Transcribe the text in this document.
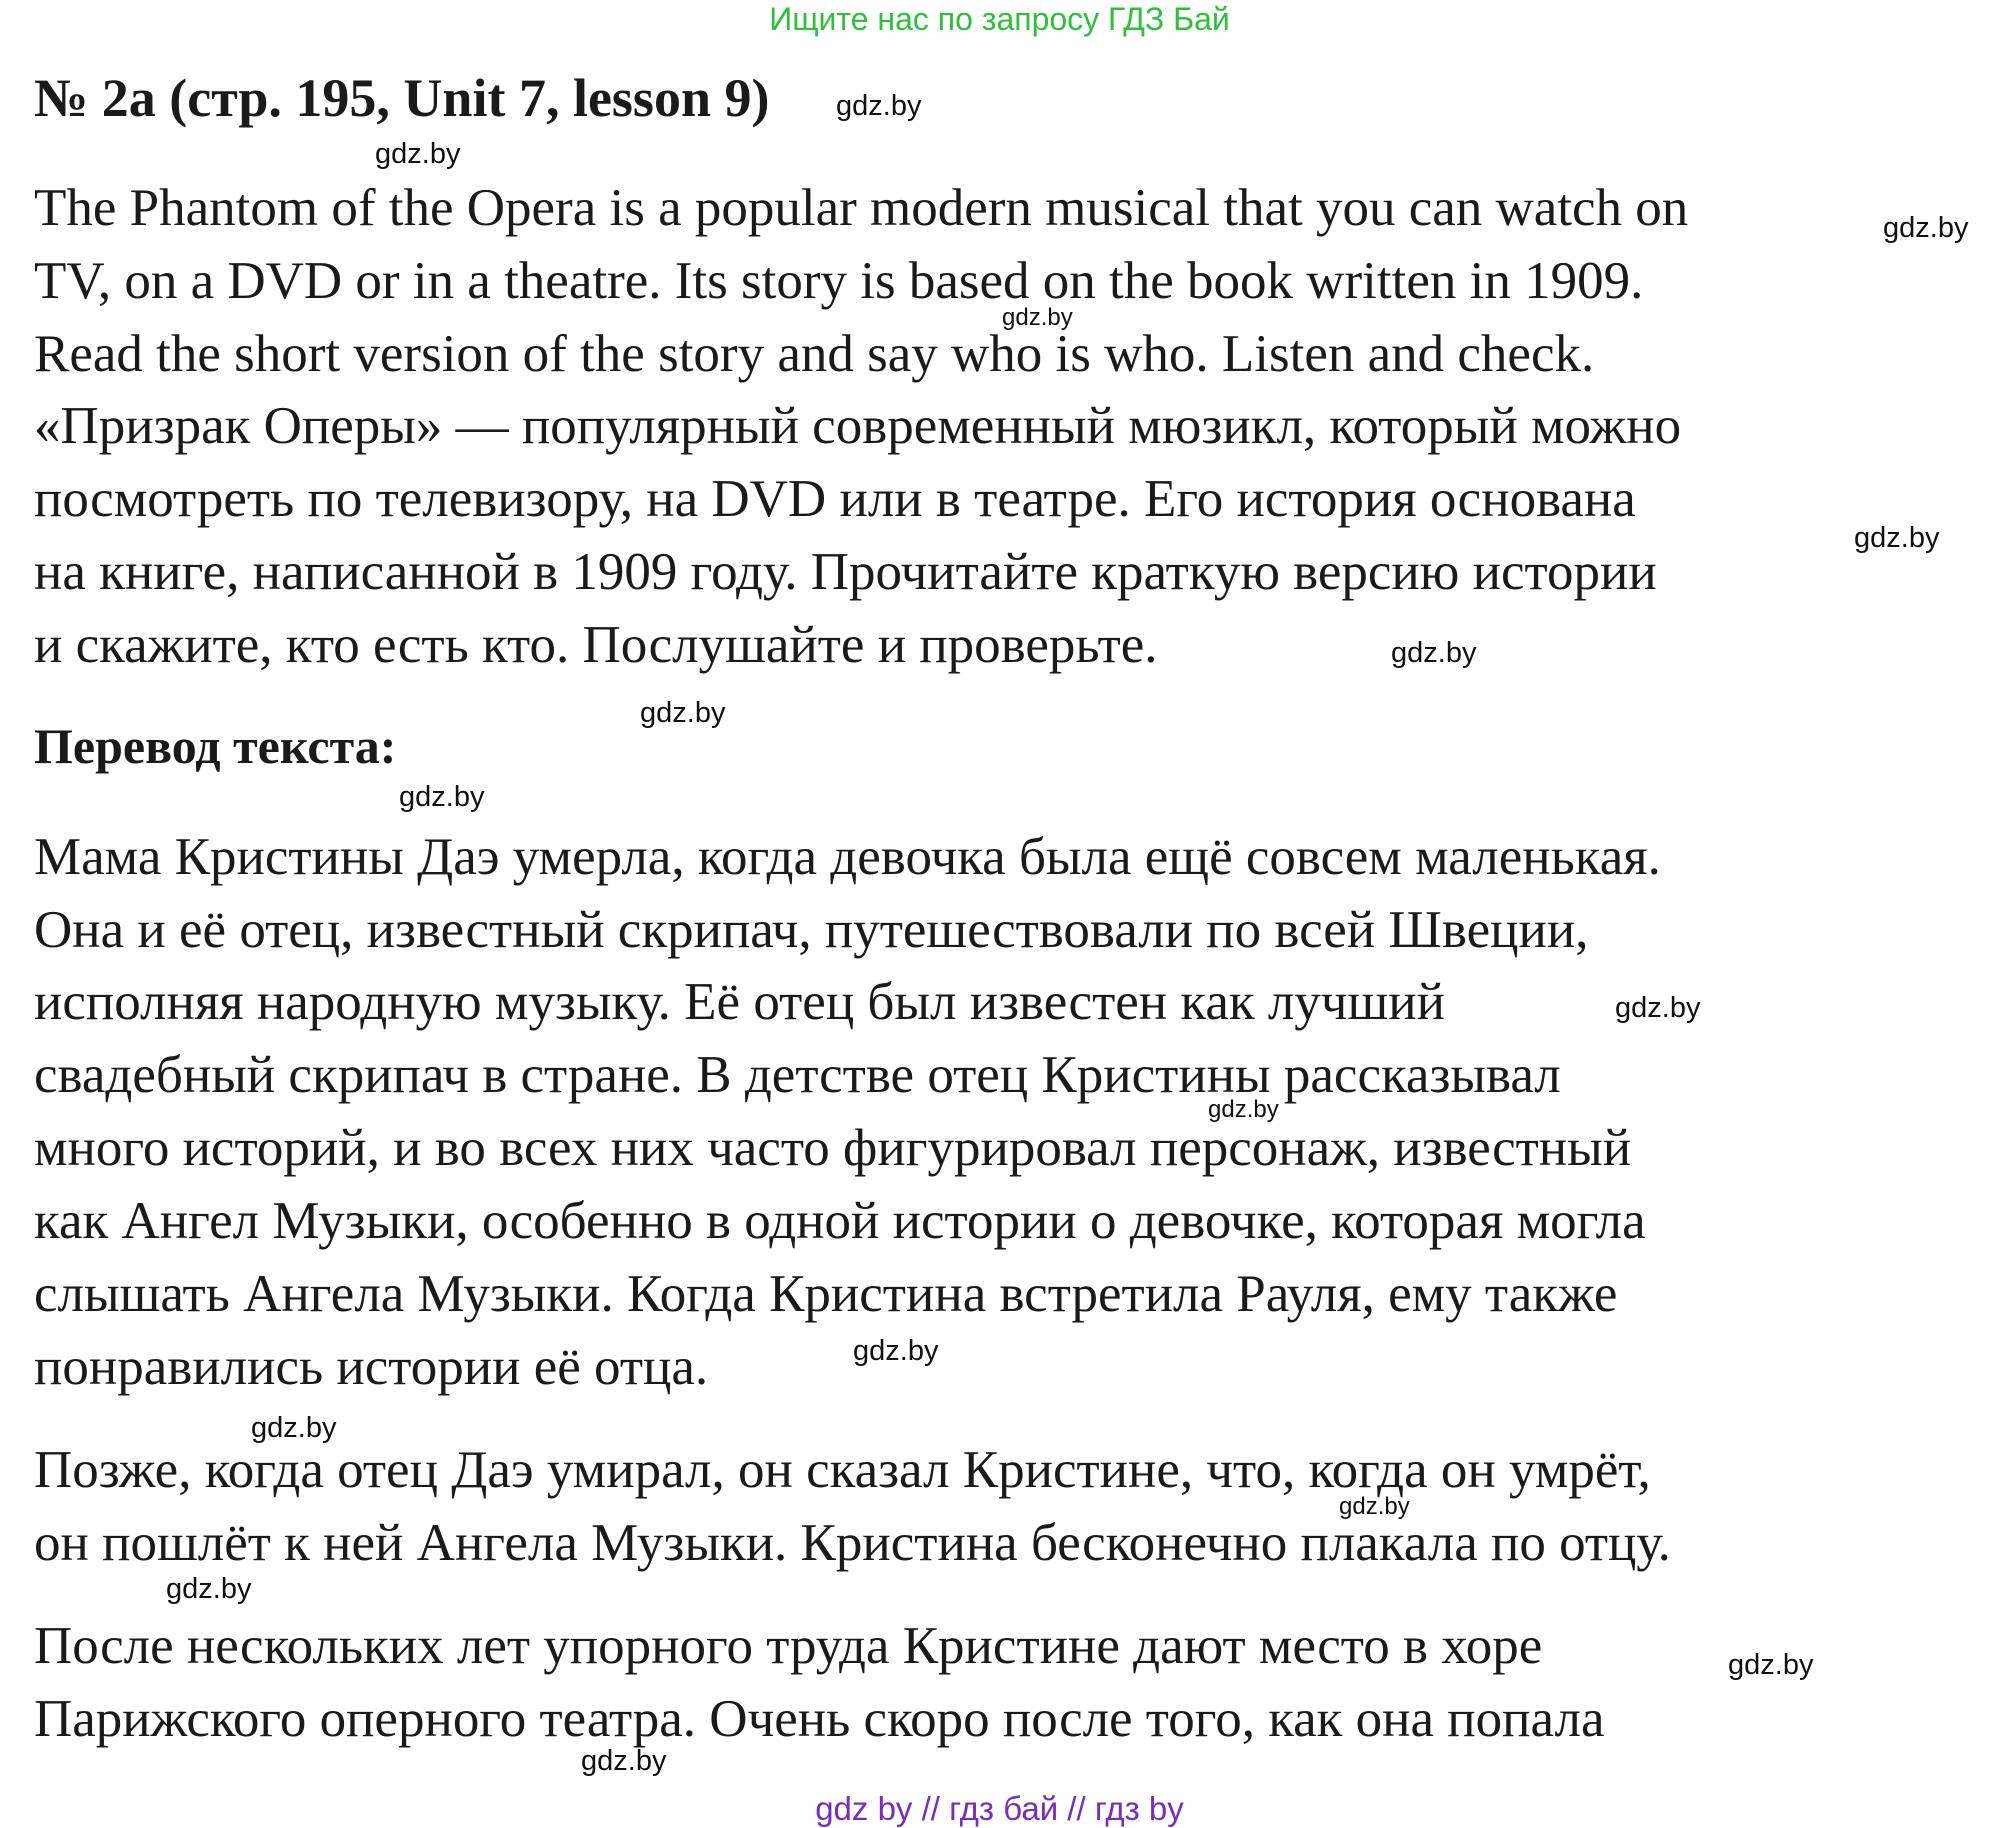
Ищите нас по запросу ГДЗ Бай
№ 2a (стр. 195, Unit 7, lesson 9)
The Phantom of the Opera is a popular modern musical that you can watch on
TV, on a DVD or in a theatre. Its story is based on the book written in 1909.
Read the short version of the story and say who is who. Listen and check.
«Призрак Оперы» — популярный современный мюзикл, который можно
посмотреть по телевизору, на DVD или в театре. Его история основана
на книге, написанной в 1909 году. Прочитайте краткую версию истории
и скажите, кто есть кто. Послушайте и проверьте.
Перевод текста:
Мама Кристины Даэ умерла, когда девочка была ещё совсем маленькая.
Она и её отец, известный скрипач, путешествовали по всей Швеции,
исполняя народную музыку. Её отец был известен как лучший
свадебный скрипач в стране. В детстве отец Кристины рассказывал
много историй, и во всех них часто фигурировал персонаж, известный
как Ангел Музыки, особенно в одной истории о девочке, которая могла
слышать Ангела Музыки. Когда Кристина встретила Рауля, ему также
понравились истории её отца.
Позже, когда отец Даэ умирал, он сказал Кристине, что, когда он умрёт,
он пошлёт к ней Ангела Музыки. Кристина бесконечно плакала по отцу.
После нескольких лет упорного труда Кристине дают место в хоре
Парижского оперного театра. Очень скоро после того, как она попала
gdz.by
gdz.by
gdz.by
gdz.by
gdz.by
gdz.by
gdz.by
gdz.by
gdz.by
gdz.by
gdz.by
gdz.by
gdz.by
gdz.by
gdz.by
gdz.by
gdz by // гдз бай // гдз by
